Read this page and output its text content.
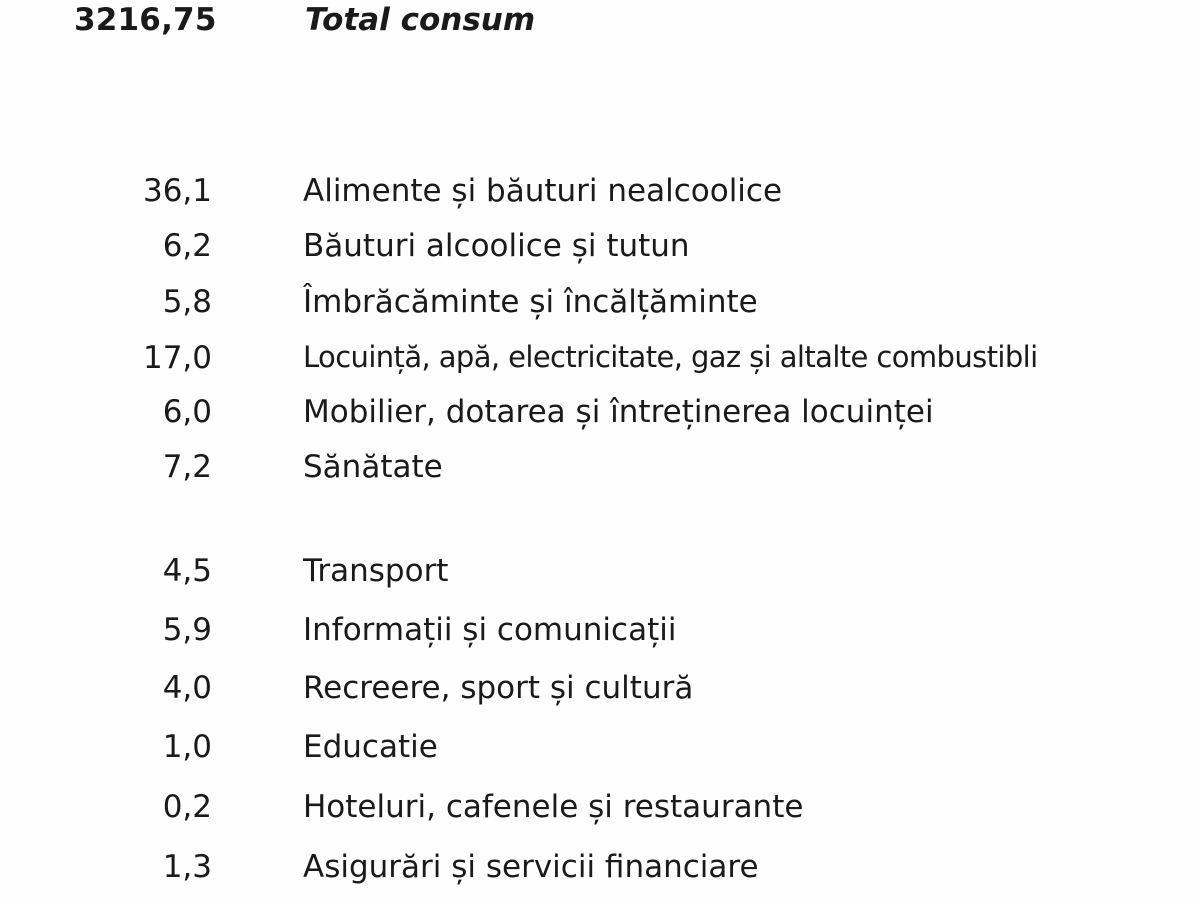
3216,75	Total consum
36,1	Alimente și băuturi nealcoolice
6,2	Băuturi alcoolice și tutun
5,8	Îmbrăcăminte și încălțăminte
17,0	Locuință, apă, electricitate, gaz și altalte combustibli
6,0	Mobilier, dotarea și întreținerea locuinței
7,2	Sănătate
4,5	Transport
5,9	Informații și comunicații
4,0	Recreere, sport și cultură
1,0	Educatie
0,2	Hoteluri, cafenele și restaurante
1,3	Asigurări și servicii financiare
